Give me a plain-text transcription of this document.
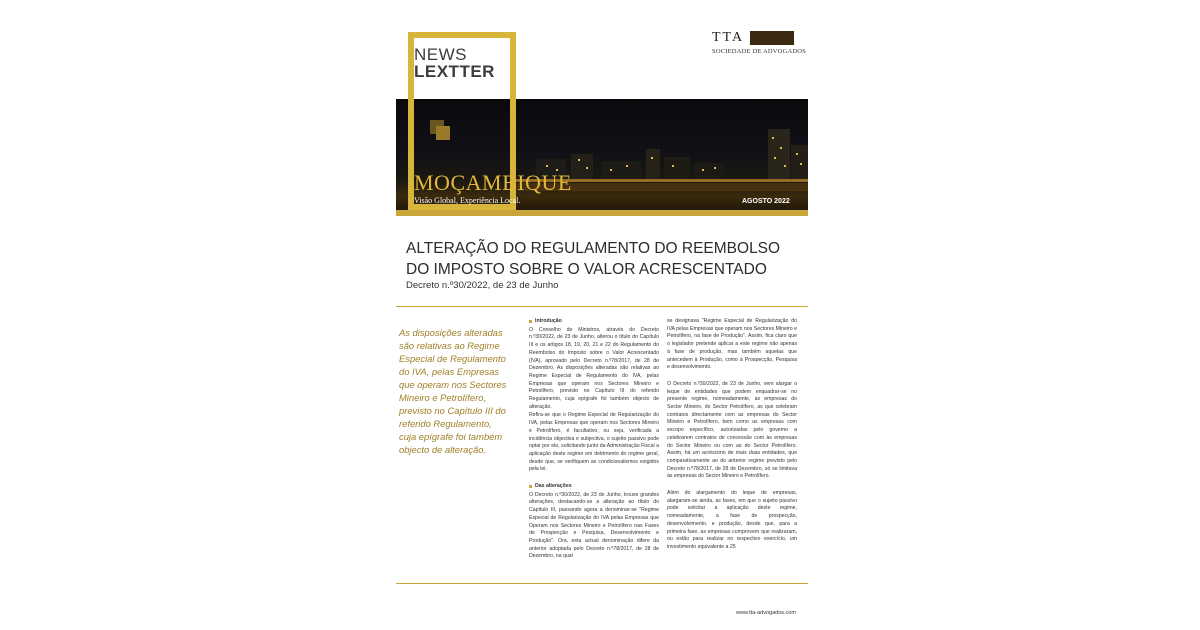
TTA
SOCIEDADE DE ADVOGADOS
NEWS
LEXTTER
MOÇAMBIQUE
Visão Global, Experiência Local.	AGOSTO 2022
ALTERAÇÃO DO REGULAMENTO DO REEMBOLSO
DO IMPOSTO SOBRE O VALOR ACRESCENTADO
Decreto n.º30/2022, de 23 de Junho
As disposições alteradas são relativas ao Regime Especial de Regulamento do IVA, pelas Empresas que operam nos Sectores Mineiro e Petrolífero, previsto no Capítulo III do referido Regulamento, cuja epígrafe foi também objecto de alteração.
Introdução

O Conselho de Ministros, através do Decreto n.º30/2022, de 23 de Junho, alterou o título do Capítulo III e os artigos 18, 19, 20, 21 e 22 do Regulamento do Reembolso do Imposto sobre o Valor Acrescentado (IVA), aprovado pelo Decreto n.º78/2017, de 28 de Dezembro. As disposições alteradas são relativas ao Regime Especial de Regulamento do IVA, pelas Empresas que operam nos Sectores Mineiro e Petrolífero, previsto no Capítulo III do referido Regulamento, cuja epígrafe foi também objecto de alteração.

Refira-se que o Regime Especial de Regularização do IVA, pelas Empresas que operam nos Sectores Mineiro e Petrolífero, é facultativo, ou seja, verificada a incidência objectiva e subjectiva, o sujeito passivo pode optar por ele, solicitando junto da Administração Fiscal a aplicação deste regime em detrimento do regime geral, desde que, se verifiquem as condicionalismos exigidos pela lei.

Das alterações

O Decreto n.º30/2022, de 23 de Junho, trouxe grandes alterações, destacando-se a alteração ao título do Capítulo III, passando agora a denominar-se "Regime Especial de Regularização do IVA pelas Empresas que Operam nos Sectores Mineiro e Petrolífero nas Fases de Prospecção e Pesquisa, Desenvolvimento e Produção". Ora, esta actual denominação difere da anterior adoptada pelo Decreto n.º78/2017, de 28 de Dezembro, na qual

se designava "Regime Especial de Regularização do IVA pelas Empresas que operam nos Sectores Mineiro e Petrolífero, na fase de Produção". Assim, fica claro que o legislador pretende aplicar a este regime não apenas à fase de produção, mas também aquelas que antecedem à Produção, como à Prospecção, Pesquisa e desenvolvimento.

O Decreto n.º30/2022, de 23 de Junho, vem alargar o leque de entidades que podem enquadrar-se no presente regime, nomeadamente, as empresas do Sector Mineiro, do Sector Petrolífero, as que celebram contratos directamente com as empresas do Sector Mineiro e Petrolífero, bem como as empresas com escopo específico, autorizadas pelo governo a celebrarem contratos de concessão com às empresas do Sector Mineiro ou com as do Sector Petrolífero. Assim, há um acréscimo de mais duas entidades, que comparativamente ao do anterior regime previsto pelo Decreto n.º78/2017, de 28 de Dezembro, só se limitava às empresas do Sector Mineiro e Petrolífero.

Além do alargamento do leque de empresas, alargaram-se ainda, as fases, em que o sujeito passivo pode solicitar a aplicação deste regime, nomeadamente, a fase de prospecção, desenvolvimento, e produção, desde que, para a primeira fase, as empresas comprovem que realizaram, ou estão para realizar no respectivo exercício, um investimento equivalente a 25

www.tta-advogados.com
